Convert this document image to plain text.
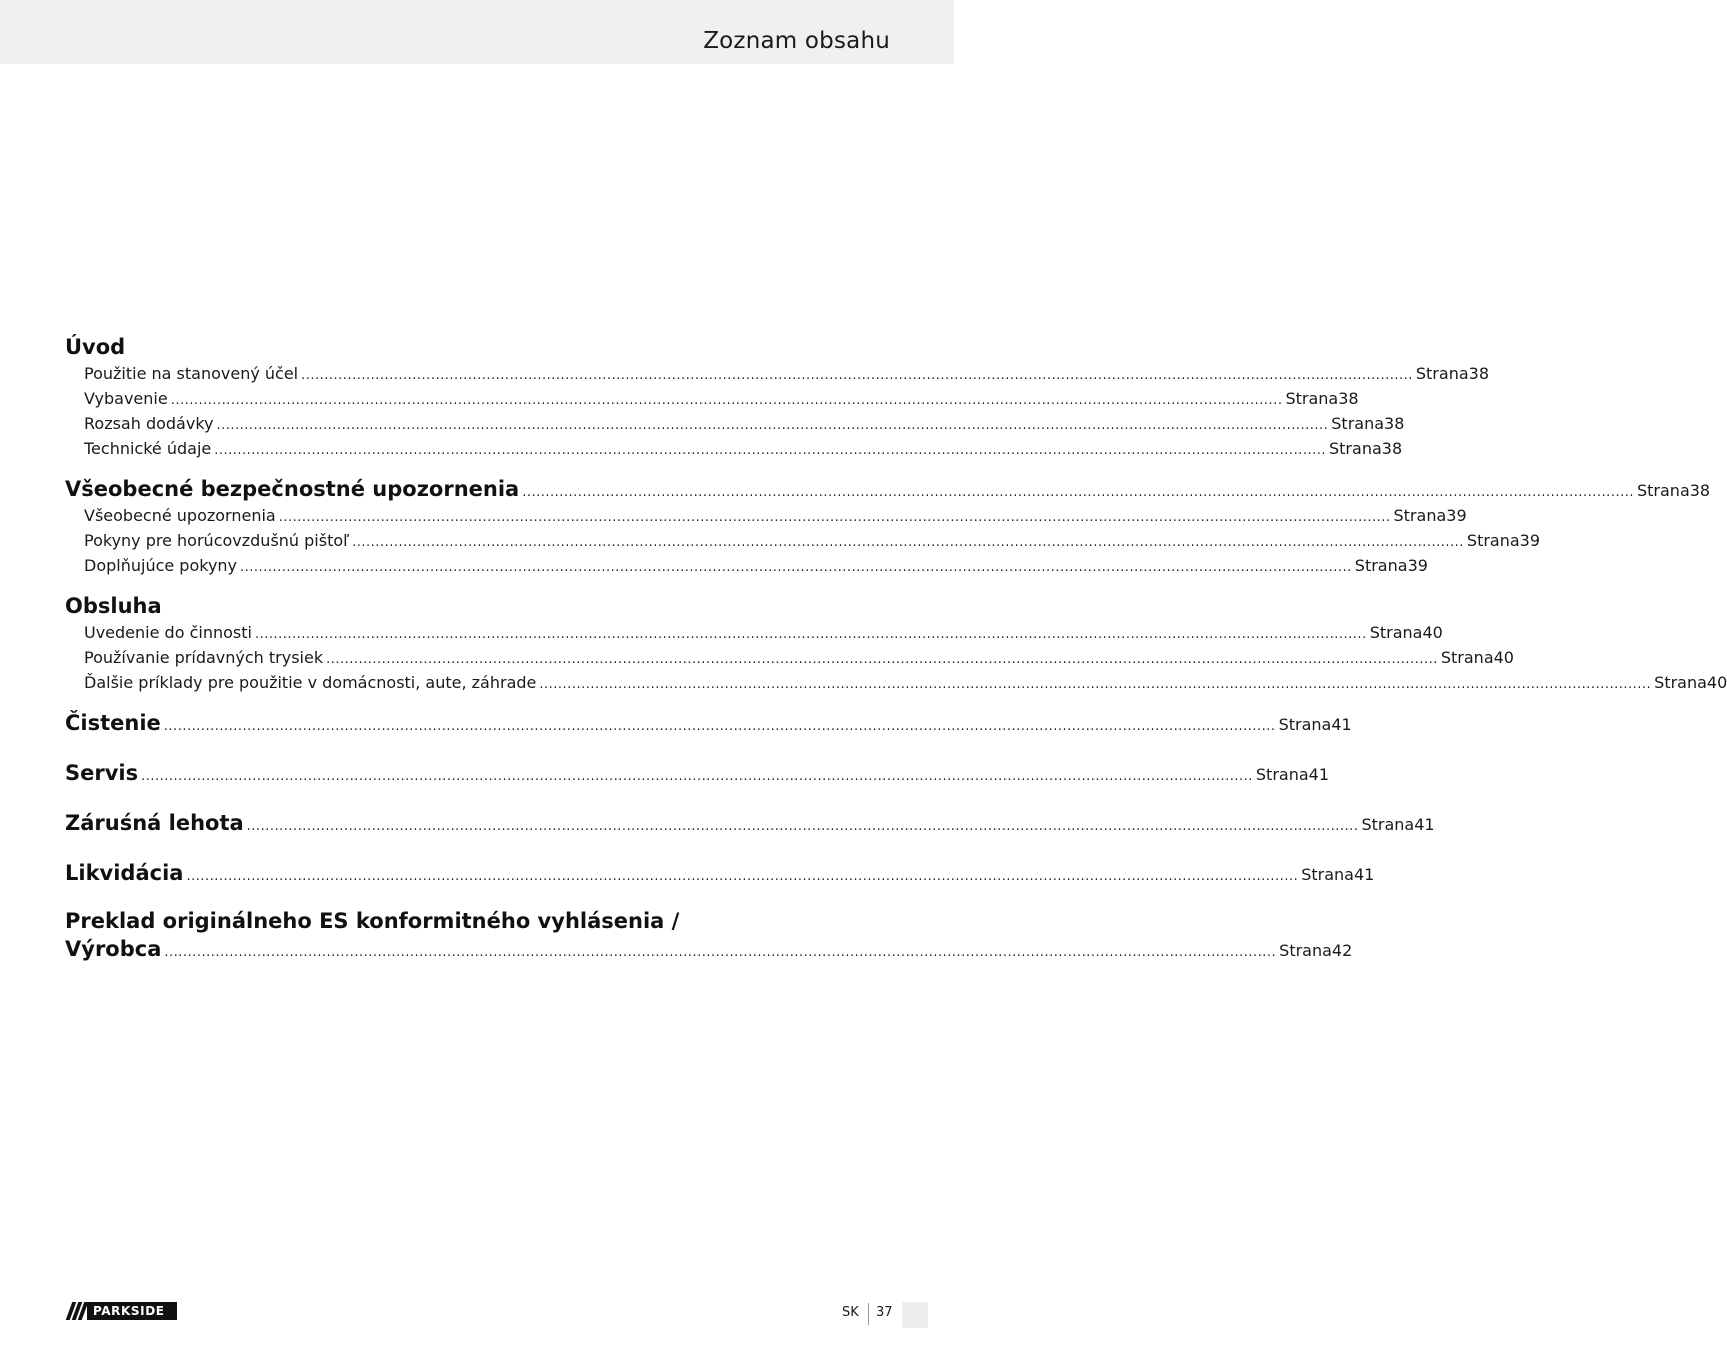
Zoznam obsahu
Úvod
Použitie na stanovený účel ................................................................................................................................................................................................................................................ Strana 38
Vybavenie ................................................................................................................................................................................................................................................ Strana 38
Rozsah dodávky ................................................................................................................................................................................................................................................ Strana 38
Technické údaje ................................................................................................................................................................................................................................................ Strana 38
Všeobecné bezpečnostné upozornenia ................................................................................................................................................................................................................................................ Strana 38
Všeobecné upozornenia ................................................................................................................................................................................................................................................ Strana 39
Pokyny pre horúcovzdušnú pištoľ ................................................................................................................................................................................................................................................ Strana 39
Doplňujúce pokyny ................................................................................................................................................................................................................................................ Strana 39
Obsluha
Uvedenie do činnosti ................................................................................................................................................................................................................................................ Strana 40
Používanie prídavných trysiek ................................................................................................................................................................................................................................................ Strana 40
Ďalšie príklady pre použitie v domácnosti, aute, záhrade ................................................................................................................................................................................................................................................ Strana 40
Čistenie ................................................................................................................................................................................................................................................ Strana 41
Servis ................................................................................................................................................................................................................................................ Strana 41
Záruśná lehota ................................................................................................................................................................................................................................................ Strana 41
Likvidácia ................................................................................................................................................................................................................................................ Strana 41
Preklad originálneho ES konformitného vyhlásenia /
Výrobca ................................................................................................................................................................................................................................................ Strana 42
PARKSIDE	SK 37
